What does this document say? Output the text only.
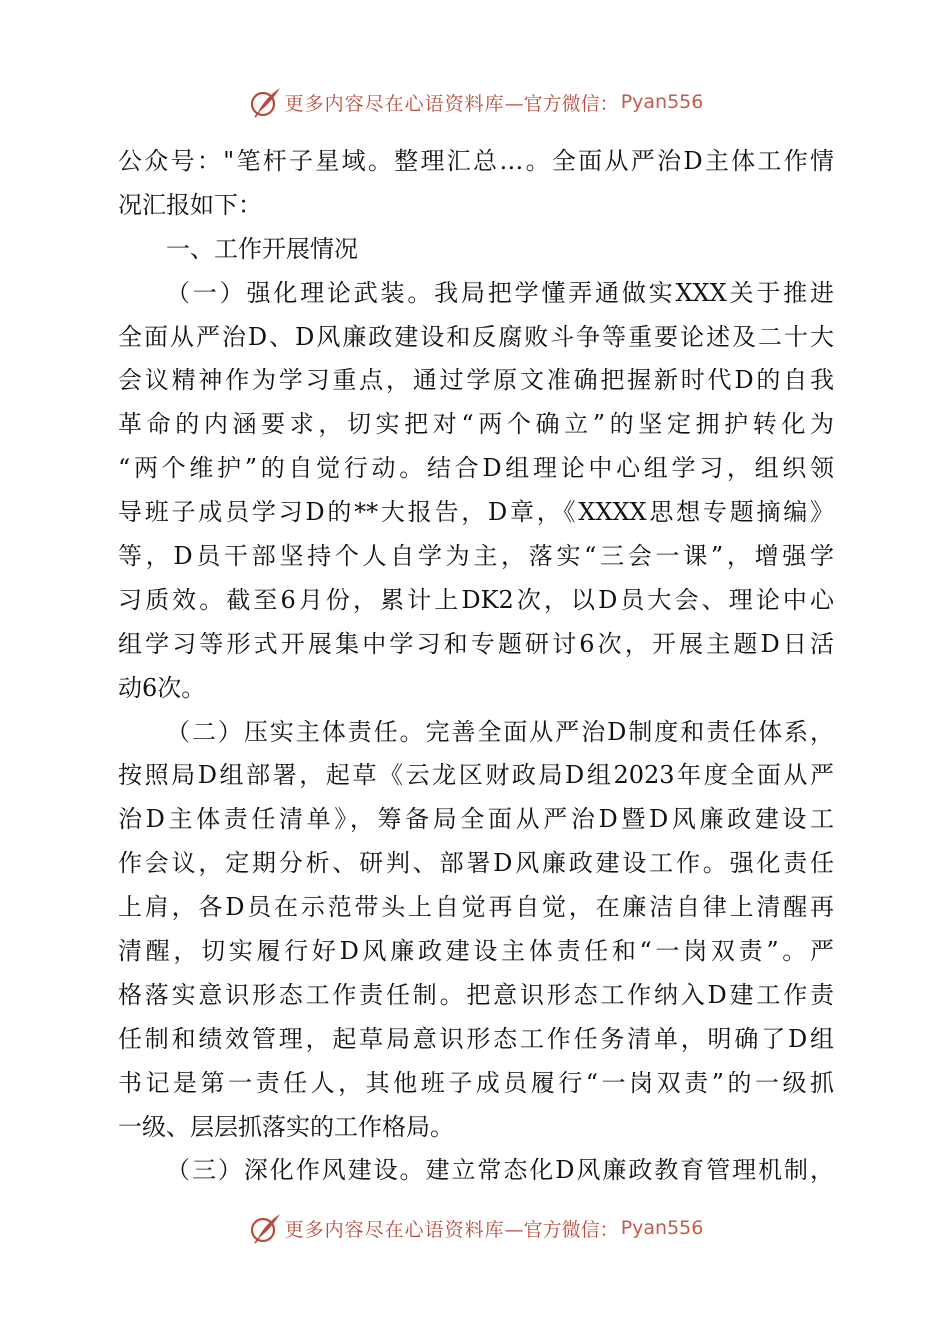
更多内容尽在心语资料库 —官方微信： Pyan556
公众号："笔杆子星域。整理汇总…。全面从严治D主体工作情
况汇报如下：
一、工作开展情况
（一）强化理论武装。我局把学懂弄通做实XXX关于推进
全面从严治D、D风廉政建设和反腐败斗争等重要论述及二十大
会议精神作为学习重点，通过学原文准确把握新时代D的自我
革命的内涵要求，切实把对“两个确立”的坚定拥护转化为
“两个维护”的自觉行动。结合D组理论中心组学习，组织领
导班子成员学习D的**大报告，D章，《XXXX思想专题摘编》
等，D员干部坚持个人自学为主，落实“三会一课”，增强学
习质效。截至6月份，累计上DK2次，以D员大会、理论中心
组学习等形式开展集中学习和专题研讨6次，开展主题D日活
动6次。
（二）压实主体责任。完善全面从严治D制度和责任体系，
按照局D组部署，起草《云龙区财政局D组2023年度全面从严
治D主体责任清单》，筹备局全面从严治D暨D风廉政建设工
作会议，定期分析、研判、部署D风廉政建设工作。强化责任
上肩，各D员在示范带头上自觉再自觉，在廉洁自律上清醒再
清醒，切实履行好D风廉政建设主体责任和“一岗双责”。严
格落实意识形态工作责任制。把意识形态工作纳入D建工作责
任制和绩效管理，起草局意识形态工作任务清单，明确了D组
书记是第一责任人，其他班子成员履行“一岗双责”的一级抓
一级、层层抓落实的工作格局。
（三）深化作风建设。建立常态化D风廉政教育管理机制，
更多内容尽在心语资料库 —官方微信： Pyan556
